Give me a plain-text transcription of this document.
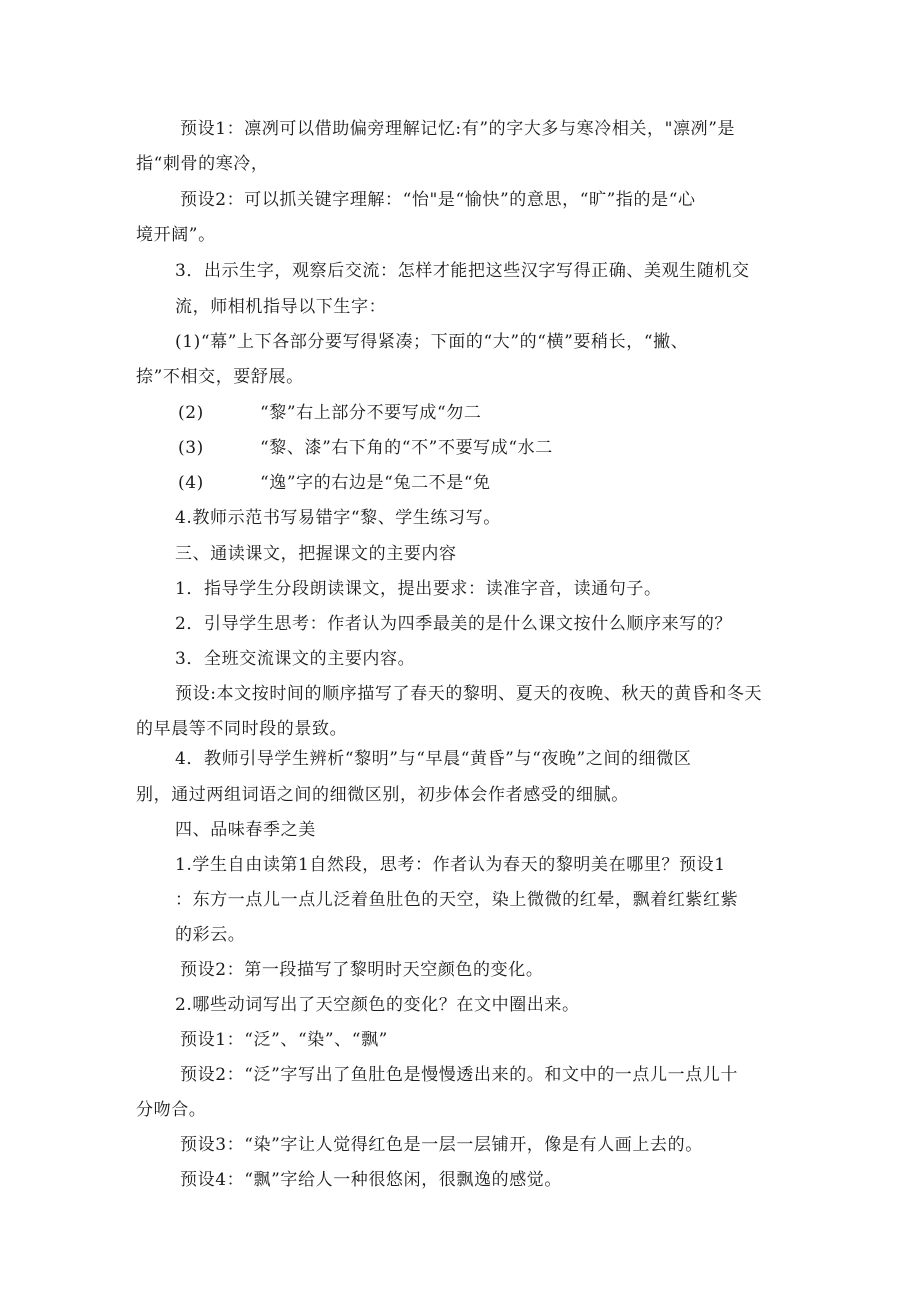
预设1：凛冽可以借助偏旁理解记忆:有”的字大多与寒冷相关，"凛冽”是
指“刺骨的寒冷，
预设2：可以抓关键字理解：“怡"是“愉快”的意思，“旷”指的是“心
境开阔”。
3．出示生字，观察后交流：怎样才能把这些汉字写得正确、美观生随机交
流，师相机指导以下生字：
(1)“幕”上下各部分要写得紧凑；下面的“大”的“横”要稍长，“撇、
捺”不相交，要舒展。
(2)	“黎”右上部分不要写成“勿二
(3)	“黎、漆”右下角的“不”不要写成“水二
(4)	“逸”字的右边是“兔二不是“免
4.教师示范书写易错字“黎、学生练习写。
三、通读课文，把握课文的主要内容
1．指导学生分段朗读课文，提出要求：读准字音，读通句子。
2．引导学生思考：作者认为四季最美的是什么课文按什么顺序来写的？
3．全班交流课文的主要内容。
预设:本文按时间的顺序描写了春天的黎明、夏天的夜晚、秋天的黄昏和冬天
的早晨等不同时段的景致。
4．教师引导学生辨析“黎明”与“早晨“黄昏”与“夜晚”之间的细微区
别，通过两组词语之间的细微区别，初步体会作者感受的细腻。
四、品味春季之美
1.学生自由读第1自然段，思考：作者认为春天的黎明美在哪里？预设1
：东方一点儿一点儿泛着鱼肚色的天空，染上微微的红晕，飘着红紫红紫
的彩云。
预设2：第一段描写了黎明时天空颜色的变化。
2.哪些动词写出了天空颜色的变化？在文中圈出来。
预设1：“泛”、“染”、“飘”
预设2：“泛”字写出了鱼肚色是慢慢透出来的。和文中的一点儿一点儿十
分吻合。
预设3：“染”字让人觉得红色是一层一层铺开，像是有人画上去的。
预设4：“飘”字给人一种很悠闲，很飘逸的感觉。
